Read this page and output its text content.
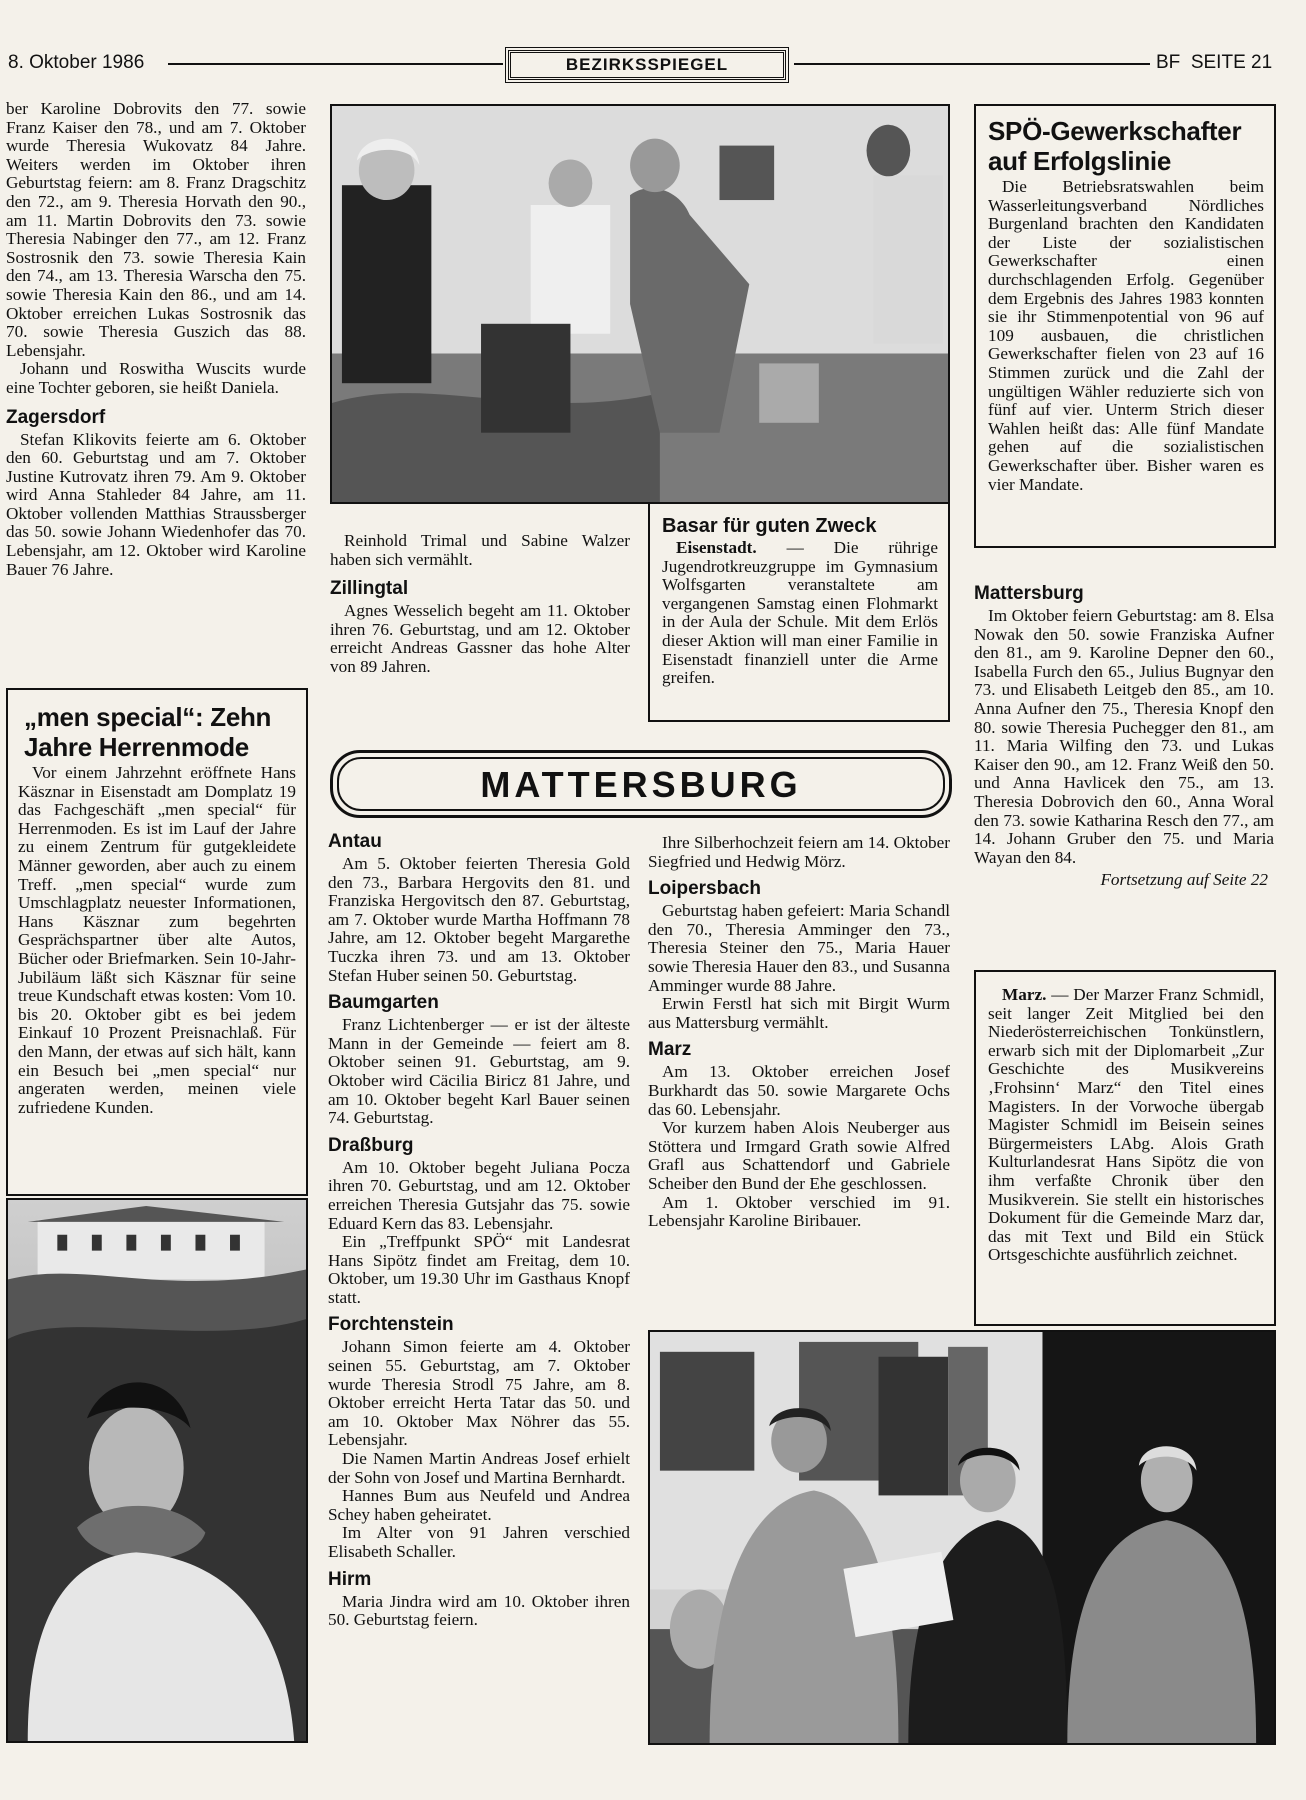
8. Oktober 1986	BEZIRKSSPIEGEL	BF  SEITE 21

ber Karoline Dobrovits den 77. sowie Franz Kaiser den 78., und am 7. Oktober wurde Theresia Wukovatz 84 Jahre. Weiters werden im Oktober ihren Geburtstag feiern: am 8. Franz Dragschitz den 72., am 9. Theresia Horvath den 90., am 11. Martin Dobrovits den 73. sowie Theresia Nabinger den 77., am 12. Franz Sostrosnik den 73. sowie Theresia Kain den 74., am 13. Theresia Warscha den 75. sowie Theresia Kain den 86., und am 14. Oktober erreichen Lukas Sostrosnik das 70. sowie Theresia Guszich das 88. Lebensjahr.

Johann und Roswitha Wuscits wurde eine Tochter geboren, sie heißt Daniela.

Zagersdorf

Stefan Klikovits feierte am 6. Oktober den 60. Geburtstag und am 7. Oktober Justine Kutrovatz ihren 79. Am 9. Oktober wird Anna Stahleder 84 Jahre, am 11. Oktober vollenden Matthias Straussberger das 50. sowie Johann Wiedenhofer das 70. Lebensjahr, am 12. Oktober wird Karoline Bauer 76 Jahre.

„men special“: Zehn Jahre Herrenmode

Vor einem Jahrzehnt eröffnete Hans Käsznar in Eisenstadt am Domplatz 19 das Fachgeschäft „men special“ für Herrenmoden. Es ist im Lauf der Jahre zu einem Zentrum für gutgekleidete Männer geworden, aber auch zu einem Treff. „men special“ wurde zum Umschlagplatz neuester Informationen, Hans Käsznar zum begehrten Gesprächspartner über alte Autos, Bücher oder Briefmarken. Sein 10-Jahr-Jubiläum läßt sich Käsznar für seine treue Kundschaft etwas kosten: Vom 10. bis 20. Oktober gibt es bei jedem Einkauf 10 Prozent Preisnachlaß. Für den Mann, der etwas auf sich hält, kann ein Besuch bei „men special“ nur angeraten werden, meinen viele zufriedene Kunden.

Reinhold Trimal und Sabine Walzer haben sich vermählt.

Zillingtal

Agnes Wesselich begeht am 11. Oktober ihren 76. Geburtstag, und am 12. Oktober erreicht Andreas Gassner das hohe Alter von 89 Jahren.

Basar für guten Zweck

Eisenstadt. — Die rührige Jugendrotkreuzgruppe im Gymnasium Wolfsgarten veranstaltete am vergangenen Samstag einen Flohmarkt in der Aula der Schule. Mit dem Erlös dieser Aktion will man einer Familie in Eisenstadt finanziell unter die Arme greifen.

SPÖ-Gewerkschafter auf Erfolgslinie

Die Betriebsratswahlen beim Wasserleitungsverband Nördliches Burgenland brachten den Kandidaten der Liste der sozialistischen Gewerkschafter einen durchschlagenden Erfolg. Gegenüber dem Ergebnis des Jahres 1983 konnten sie ihr Stimmenpotential von 96 auf 109 ausbauen, die christlichen Gewerkschafter fielen von 23 auf 16 Stimmen zurück und die Zahl der ungültigen Wähler reduzierte sich von fünf auf vier. Unterm Strich dieser Wahlen heißt das: Alle fünf Mandate gehen auf die sozialistischen Gewerkschafter über. Bisher waren es vier Mandate.

Mattersburg

Im Oktober feiern Geburtstag: am 8. Elsa Nowak den 50. sowie Franziska Aufner den 81., am 9. Karoline Depner den 60., Isabella Furch den 65., Julius Bugnyar den 73. und Elisabeth Leitgeb den 85., am 10. Anna Aufner den 75., Theresia Knopf den 80. sowie Theresia Puchegger den 81., am 11. Maria Wilfing den 73. und Lukas Kaiser den 90., am 12. Franz Weiß den 50. und Anna Havlicek den 75., am 13. Theresia Dobrovich den 60., Anna Woral den 73. sowie Katharina Resch den 77., am 14. Johann Gruber den 75. und Maria Wayan den 84.

Fortsetzung auf Seite 22

MATTERSBURG
Antau

Am 5. Oktober feierten Theresia Gold den 73., Barbara Hergovits den 81. und Franziska Hergovitsch den 87. Geburtstag, am 7. Oktober wurde Martha Hoffmann 78 Jahre, am 12. Oktober begeht Margarethe Tuczka ihren 73. und am 13. Oktober Stefan Huber seinen 50. Geburtstag.

Baumgarten

Franz Lichtenberger — er ist der älteste Mann in der Gemeinde — feiert am 8. Oktober seinen 91. Geburtstag, am 9. Oktober wird Cäcilia Biricz 81 Jahre, und am 10. Oktober begeht Karl Bauer seinen 74. Geburtstag.

Draßburg

Am 10. Oktober begeht Juliana Pocza ihren 70. Geburtstag, und am 12. Oktober erreichen Theresia Gutsjahr das 75. sowie Eduard Kern das 83. Lebensjahr.

Ein „Treffpunkt SPÖ“ mit Landesrat Hans Sipötz findet am Freitag, dem 10. Oktober, um 19.30 Uhr im Gasthaus Knopf statt.

Forchtenstein

Johann Simon feierte am 4. Oktober seinen 55. Geburtstag, am 7. Oktober wurde Theresia Strodl 75 Jahre, am 8. Oktober erreicht Herta Tatar das 50. und am 10. Oktober Max Nöhrer das 55. Lebensjahr.

Die Namen Martin Andreas Josef erhielt der Sohn von Josef und Martina Bernhardt.

Hannes Bum aus Neufeld und Andrea Schey haben geheiratet.

Im Alter von 91 Jahren verschied Elisabeth Schaller.

Hirm

Maria Jindra wird am 10. Oktober ihren 50. Geburtstag feiern.

Ihre Silberhochzeit feiern am 14. Oktober Siegfried und Hedwig Mörz.

Loipersbach

Geburtstag haben gefeiert: Maria Schandl den 70., Theresia Amminger den 73., Theresia Steiner den 75., Maria Hauer sowie Theresia Hauer den 83., und Susanna Amminger wurde 88 Jahre.

Erwin Ferstl hat sich mit Birgit Wurm aus Mattersburg vermählt.

Marz

Am 13. Oktober erreichen Josef Burkhardt das 50. sowie Margarete Ochs das 60. Lebensjahr.

Vor kurzem haben Alois Neuberger aus Stöttera und Irmgard Grath sowie Alfred Grafl aus Schattendorf und Gabriele Scheiber den Bund der Ehe geschlossen.

Am 1. Oktober verschied im 91. Lebensjahr Karoline Biribauer.

Marz. — Der Marzer Franz Schmidl, seit langer Zeit Mitglied bei den Niederösterreichischen Tonkünstlern, erwarb sich mit der Diplomarbeit „Zur Geschichte des Musikvereins ‚Frohsinn‘ Marz“ den Titel eines Magisters. In der Vorwoche übergab Magister Schmidl im Beisein seines Bürgermeisters LAbg. Alois Grath Kulturlandesrat Hans Sipötz die von ihm verfaßte Chronik über den Musikverein. Sie stellt ein historisches Dokument für die Gemeinde Marz dar, das mit Text und Bild ein Stück Ortsgeschichte ausführlich zeichnet.
